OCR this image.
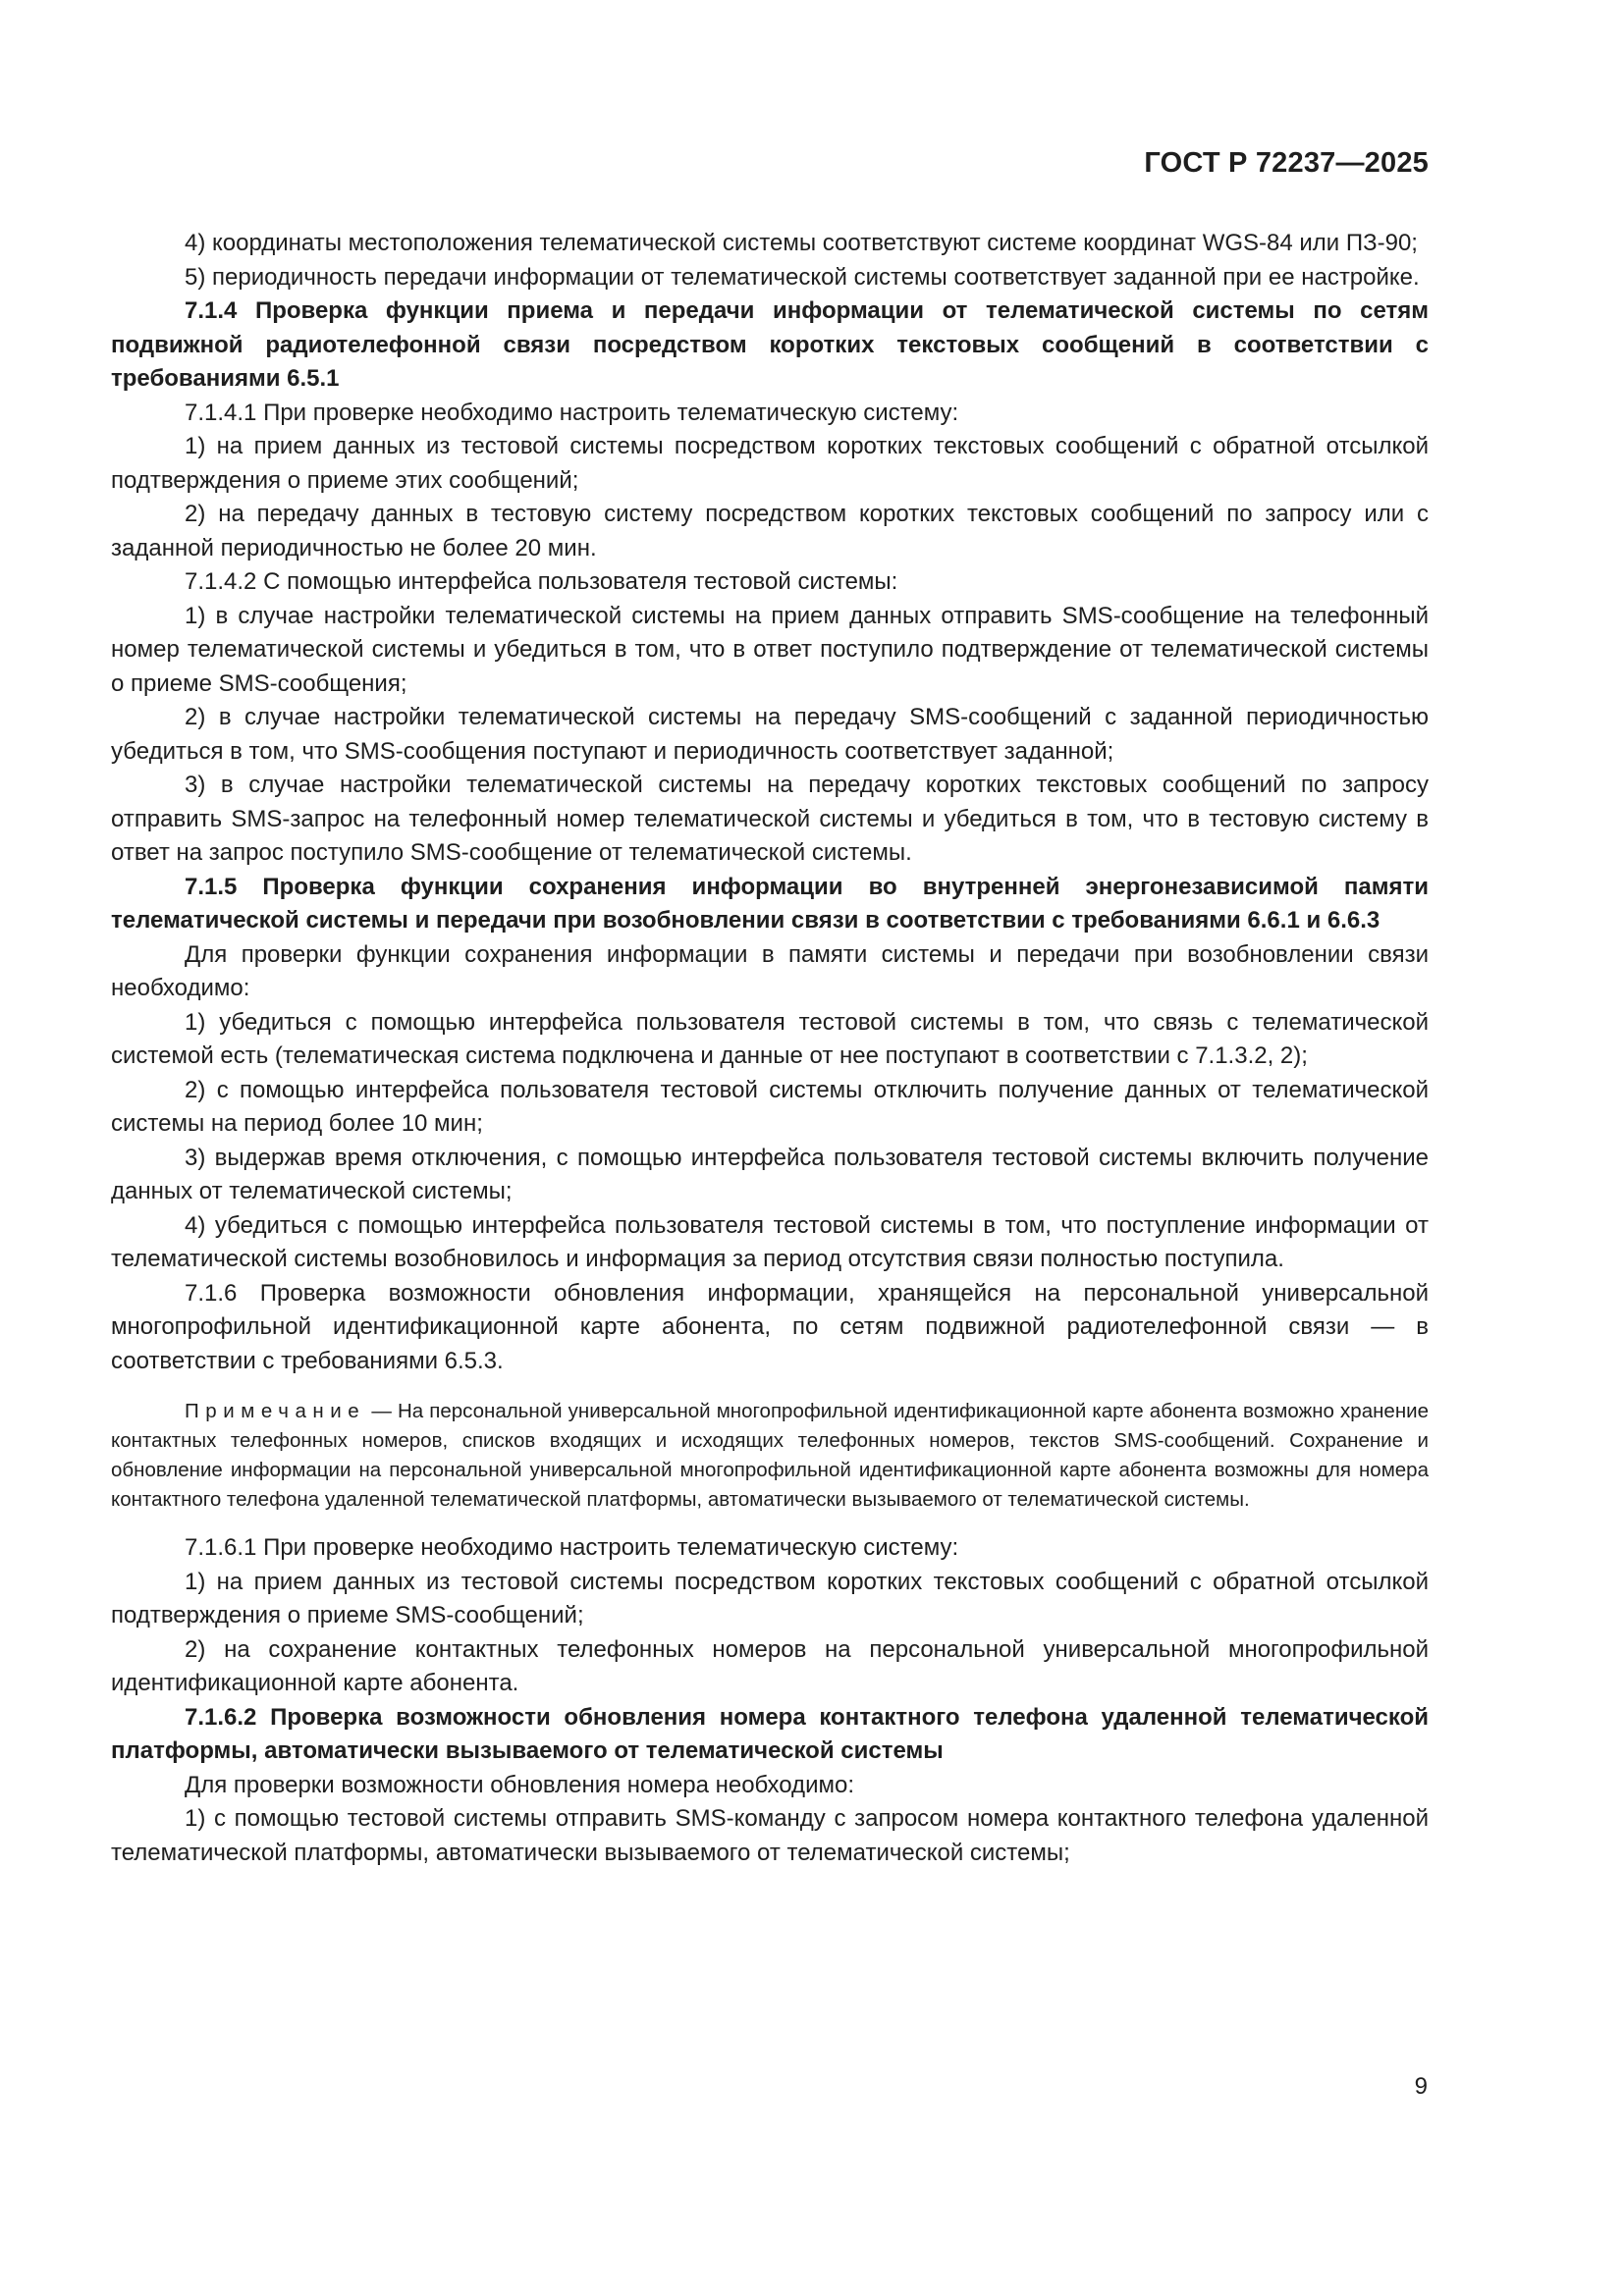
ГОСТ Р 72237—2025

4) координаты местоположения телематической системы соответствуют системе координат WGS-84 или ПЗ-90;

5) периодичность передачи информации от телематической системы соответствует заданной при ее настройке.

7.1.4 Проверка функции приема и передачи информации от телематической системы по сетям подвижной радиотелефонной связи посредством коротких текстовых сообщений в соответствии с требованиями 6.5.1

7.1.4.1 При проверке необходимо настроить телематическую систему:

1) на прием данных из тестовой системы посредством коротких текстовых сообщений с обратной отсылкой подтверждения о приеме этих сообщений;

2) на передачу данных в тестовую систему посредством коротких текстовых сообщений по запросу или с заданной периодичностью не более 20 мин.

7.1.4.2 С помощью интерфейса пользователя тестовой системы:

1) в случае настройки телематической системы на прием данных отправить SMS-сообщение на телефонный номер телематической системы и убедиться в том, что в ответ поступило подтверждение от телематической системы о приеме SMS-сообщения;

2) в случае настройки телематической системы на передачу SMS-сообщений с заданной периодичностью убедиться в том, что SMS-сообщения поступают и периодичность соответствует заданной;

3) в случае настройки телематической системы на передачу коротких текстовых сообщений по запросу отправить SMS-запрос на телефонный номер телематической системы и убедиться в том, что в тестовую систему в ответ на запрос поступило SMS-сообщение от телематической системы.

7.1.5 Проверка функции сохранения информации во внутренней энергонезависимой памяти телематической системы и передачи при возобновлении связи в соответствии с требованиями 6.6.1 и 6.6.3

Для проверки функции сохранения информации в памяти системы и передачи при возобновлении связи необходимо:

1) убедиться с помощью интерфейса пользователя тестовой системы в том, что связь с телематической системой есть (телематическая система подключена и данные от нее поступают в соответствии с 7.1.3.2, 2);

2) с помощью интерфейса пользователя тестовой системы отключить получение данных от телематической системы на период более 10 мин;

3) выдержав время отключения, с помощью интерфейса пользователя тестовой системы включить получение данных от телематической системы;

4) убедиться с помощью интерфейса пользователя тестовой системы в том, что поступление информации от телематической системы возобновилось и информация за период отсутствия связи полностью поступила.

7.1.6 Проверка возможности обновления информации, хранящейся на персональной универсальной многопрофильной идентификационной карте абонента, по сетям подвижной радиотелефонной связи — в соответствии с требованиями 6.5.3.

Примечание — На персональной универсальной многопрофильной идентификационной карте абонента возможно хранение контактных телефонных номеров, списков входящих и исходящих телефонных номеров, текстов SMS-сообщений. Сохранение и обновление информации на персональной универсальной многопрофильной идентификационной карте абонента возможны для номера контактного телефона удаленной телематической платформы, автоматически вызываемого от телематической системы.

7.1.6.1 При проверке необходимо настроить телематическую систему:

1) на прием данных из тестовой системы посредством коротких текстовых сообщений с обратной отсылкой подтверждения о приеме SMS-сообщений;

2) на сохранение контактных телефонных номеров на персональной универсальной многопрофильной идентификационной карте абонента.

7.1.6.2 Проверка возможности обновления номера контактного телефона удаленной телематической платформы, автоматически вызываемого от телематической системы

Для проверки возможности обновления номера необходимо:

1) с помощью тестовой системы отправить SMS-команду с запросом номера контактного телефона удаленной телематической платформы, автоматически вызываемого от телематической системы;

9
